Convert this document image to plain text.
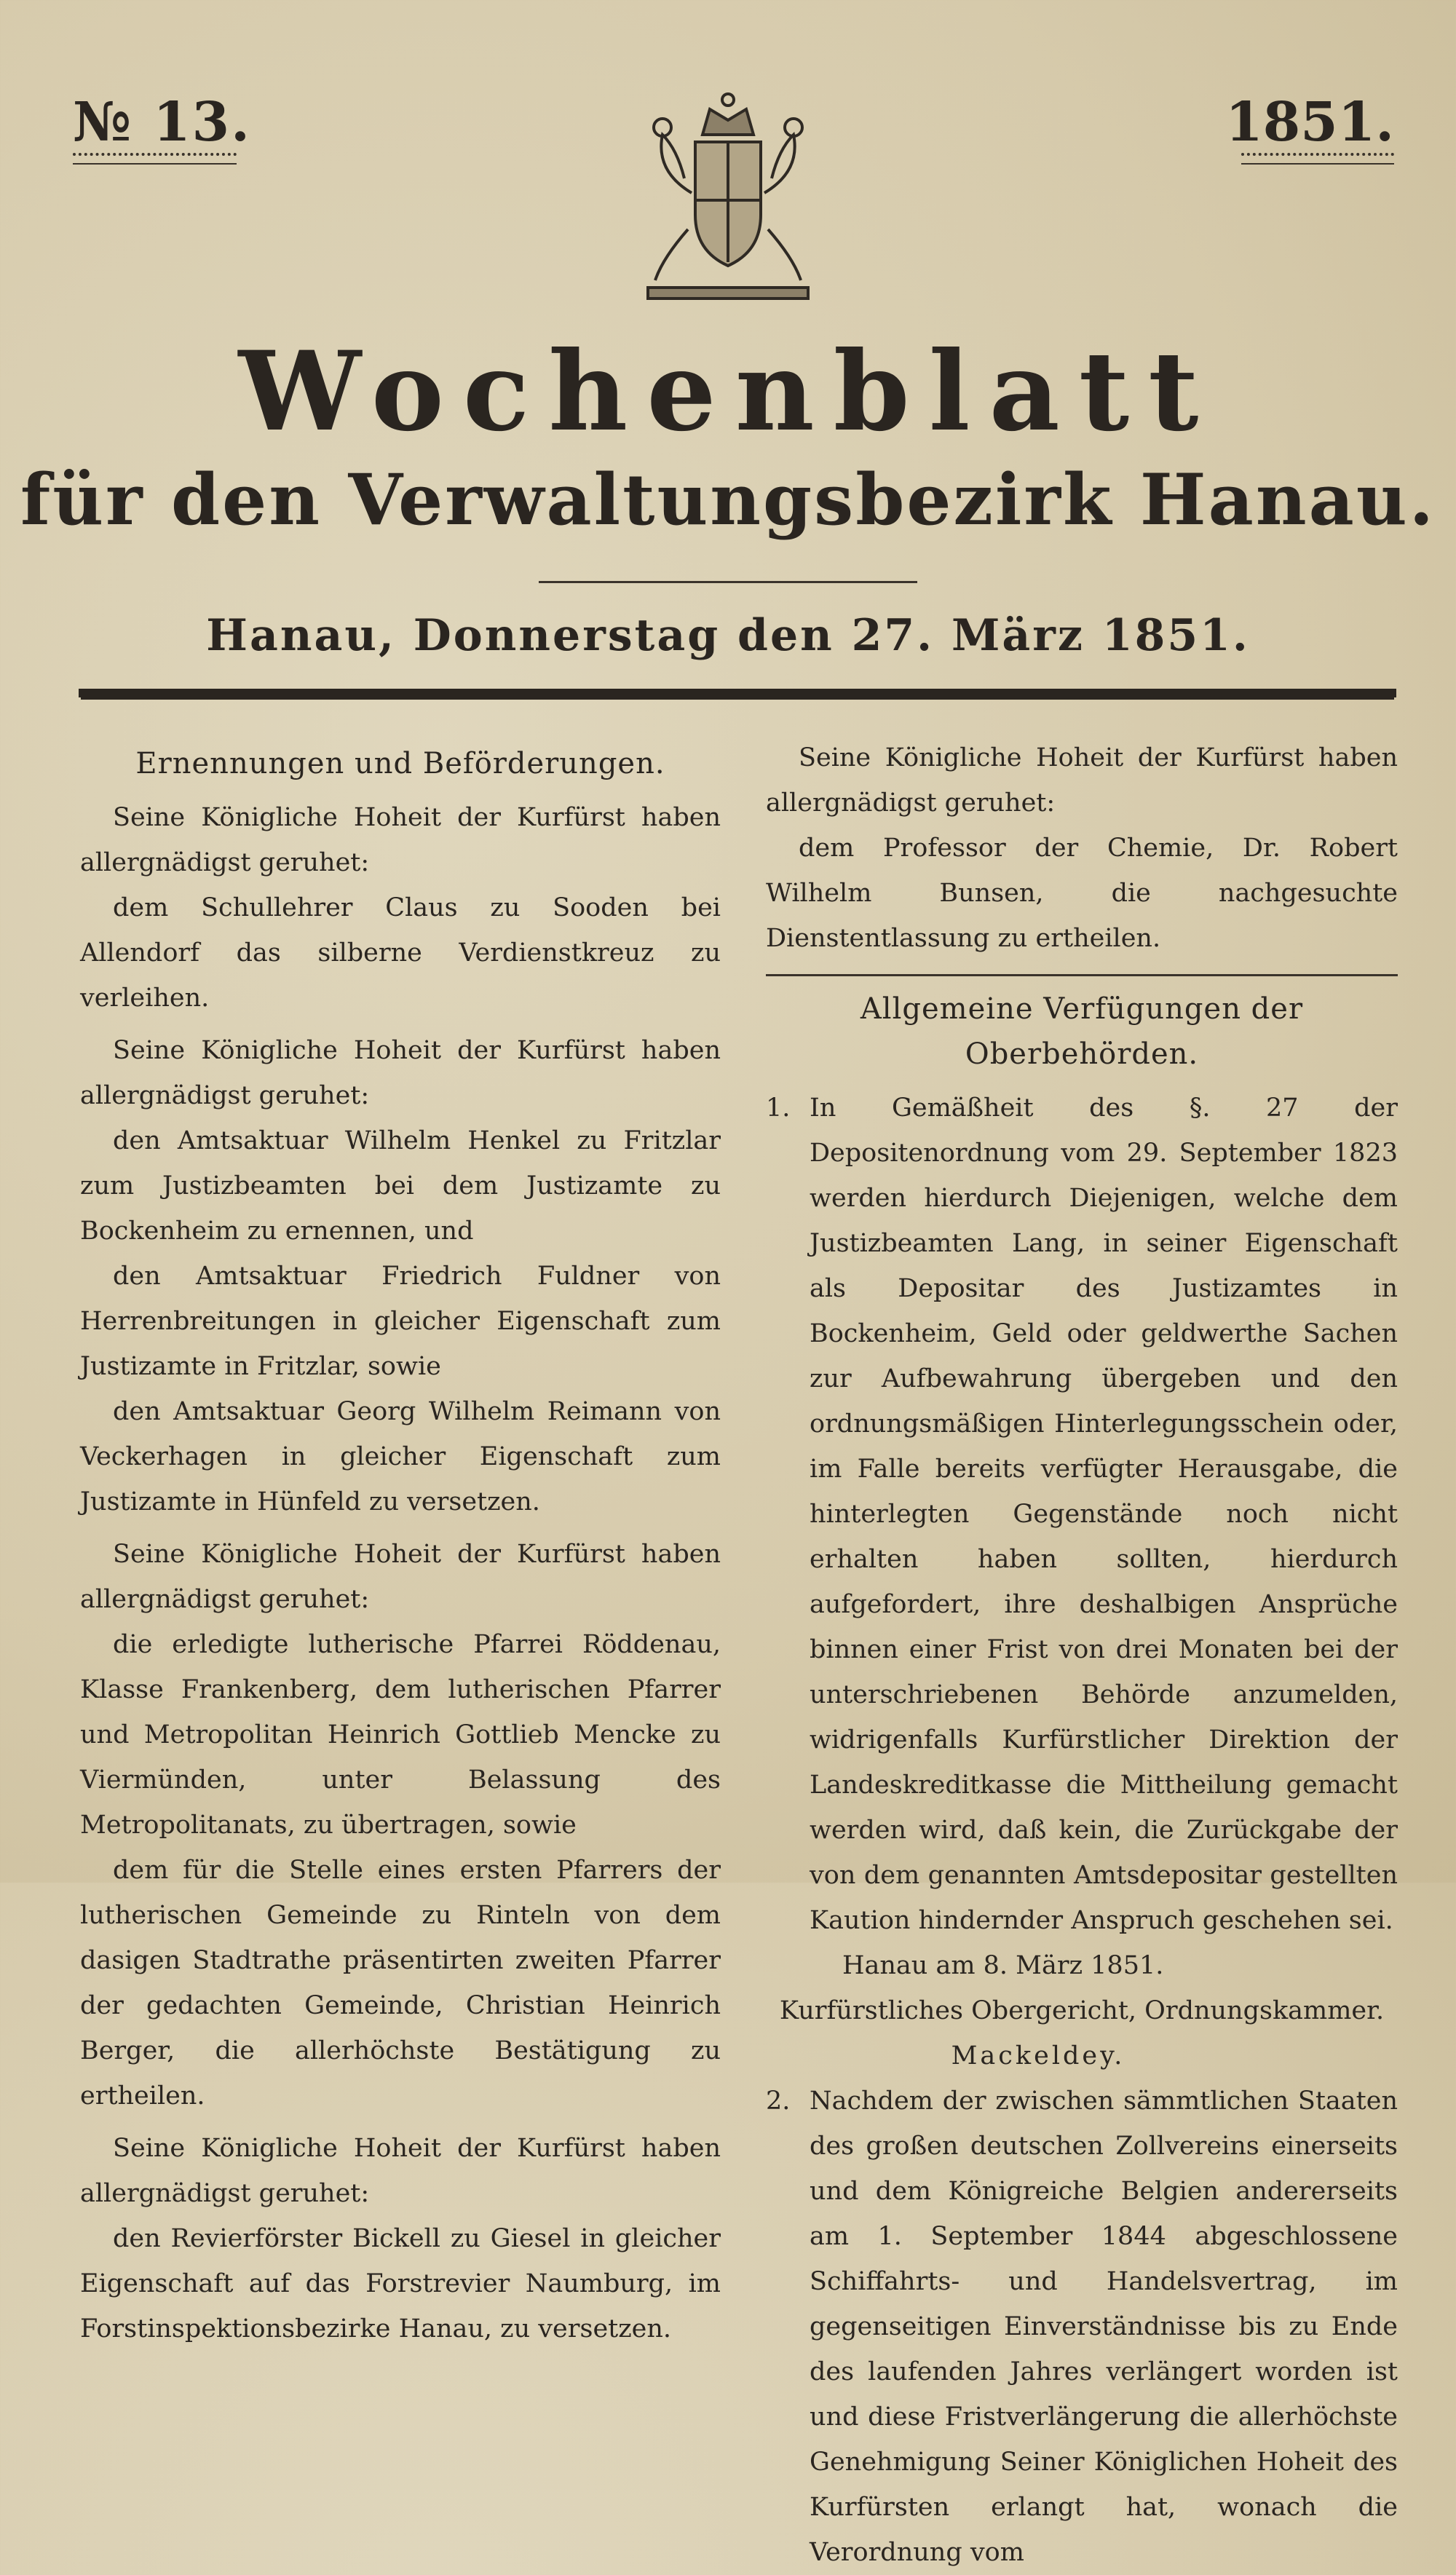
№ 13.	1851.
Wochenblatt
für den Verwaltungsbezirk Hanau.
Hanau, Donnerstag den 27. März 1851.
Ernennungen und Beförderungen.

Seine Königliche Hoheit der Kurfürst haben allergnädigst geruhet:

dem Schullehrer Claus zu Sooden bei Allendorf das silberne Verdienstkreuz zu verleihen.

Seine Königliche Hoheit der Kurfürst haben allergnädigst geruhet:

den Amtsaktuar Wilhelm Henkel zu Fritzlar zum Justizbeamten bei dem Justizamte zu Bockenheim zu ernennen, und

den Amtsaktuar Friedrich Fuldner von Herrenbreitungen in gleicher Eigenschaft zum Justizamte in Fritzlar, sowie

den Amtsaktuar Georg Wilhelm Reimann von Veckerhagen in gleicher Eigenschaft zum Justizamte in Hünfeld zu versetzen.

Seine Königliche Hoheit der Kurfürst haben allergnädigst geruhet:

die erledigte lutherische Pfarrei Röddenau, Klasse Frankenberg, dem lutherischen Pfarrer und Metropolitan Heinrich Gottlieb Mencke zu Viermünden, unter Belassung des Metropolitanats, zu übertragen, sowie

dem für die Stelle eines ersten Pfarrers der lutherischen Gemeinde zu Rinteln von dem dasigen Stadtrathe präsentirten zweiten Pfarrer der gedachten Gemeinde, Christian Heinrich Berger, die allerhöchste Bestätigung zu ertheilen.

Seine Königliche Hoheit der Kurfürst haben allergnädigst geruhet:

den Revierförster Bickell zu Giesel in gleicher Eigenschaft auf das Forstrevier Naumburg, im Forstinspektionsbezirke Hanau, zu versetzen.

Seine Königliche Hoheit der Kurfürst haben allergnädigst geruhet:

dem Professor der Chemie, Dr. Robert Wilhelm Bunsen, die nachgesuchte Dienstentlassung zu ertheilen.

Allgemeine Verfügungen der Oberbehörden.
1. In Gemäßheit des §. 27 der Depositenordnung vom 29. September 1823 werden hierdurch Diejenigen, welche dem Justizbeamten Lang, in seiner Eigenschaft als Depositar des Justizamtes in Bockenheim, Geld oder geldwerthe Sachen zur Aufbewahrung übergeben und den ordnungsmäßigen Hinterlegungsschein oder, im Falle bereits verfügter Herausgabe, die hinterlegten Gegenstände noch nicht erhalten haben sollten, hierdurch aufgefordert, ihre deshalbigen Ansprüche binnen einer Frist von drei Monaten bei der unterschriebenen Behörde anzumelden, widrigenfalls Kurfürstlicher Direktion der Landeskreditkasse die Mittheilung gemacht werden wird, daß kein, die Zurückgabe der von dem genannten Amtsdepositar gestellten Kaution hindernder Anspruch geschehen sei.

Hanau am 8. März 1851.

Kurfürstliches Obergericht, Ordnungskammer.

Mackeldey.

2. Nachdem der zwischen sämmtlichen Staaten des großen deutschen Zollvereins einerseits und dem Königreiche Belgien andererseits am 1. September 1844 abgeschlossene Schiffahrts- und Handelsvertrag, im gegenseitigen Einverständnisse bis zu Ende des laufenden Jahres verlängert worden ist und diese Fristverlängerung die allerhöchste Genehmigung Seiner Königlichen Hoheit des Kurfürsten erlangt hat, wonach die Verordnung vom
